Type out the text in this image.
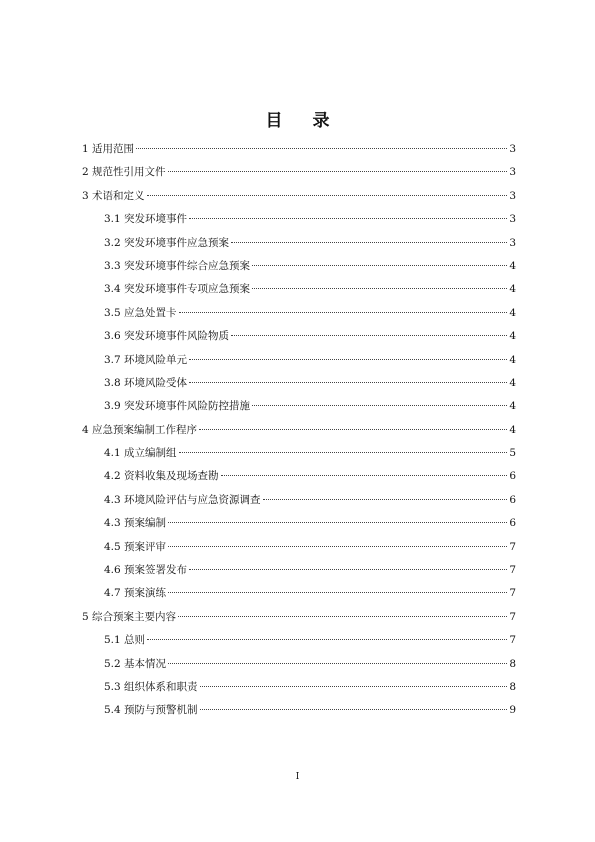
目 录
1 适用范围	3
2 规范性引用文件	3
3 术语和定义	3
3.1 突发环境事件	3
3.2 突发环境事件应急预案	3
3.3 突发环境事件综合应急预案	4
3.4 突发环境事件专项应急预案	4
3.5 应急处置卡	4
3.6 突发环境事件风险物质	4
3.7 环境风险单元	4
3.8 环境风险受体	4
3.9 突发环境事件风险防控措施	4
4 应急预案编制工作程序	4
4.1 成立编制组	5
4.2 资料收集及现场查勘	6
4.3 环境风险评估与应急资源调查	6
4.3 预案编制	6
4.5 预案评审	7
4.6 预案签署发布	7
4.7 预案演练	7
5 综合预案主要内容	7
5.1 总则	7
5.2 基本情况	8
5.3 组织体系和职责	8
5.4 预防与预警机制	9
I
